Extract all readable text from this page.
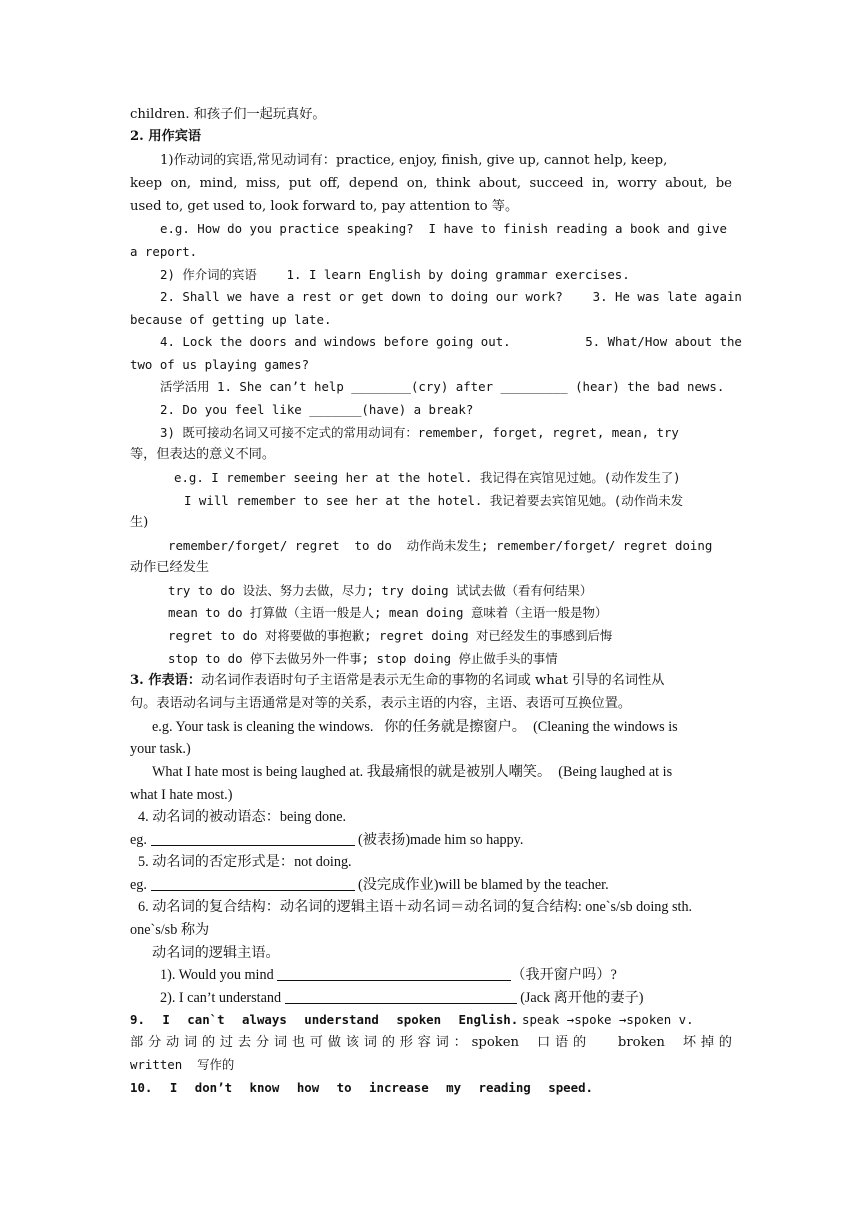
children. 和孩子们一起玩真好。
2. 用作宾语
1)作动词的宾语,常见动词有：practice, enjoy, finish, give up, cannot help, keep,
keep on, mind, miss, put off, depend on, think about, succeed in, worry about, be
used to, get used to, look forward to, pay attention to 等。
e.g. How do you practice speaking?  I have to finish reading a book and give
a report.
2) 作介词的宾语    1. I learn English by doing grammar exercises.
2. Shall we have a rest or get down to doing our work?    3. He was late again
because of getting up late.
4. Lock the doors and windows before going out.          5. What/How about the
two of us playing games?
活学活用 1. She can’t help ________(cry) after _________ (hear) the bad news.
2. Do you feel like _______(have) a break?
3) 既可接动名词又可接不定式的常用动词有：remember, forget, regret, mean, try
等，但表达的意义不同。
e.g. I remember seeing her at the hotel. 我记得在宾馆见过她。(动作发生了)
I will remember to see her at the hotel. 我记着要去宾馆见她。(动作尚未发
生)
remember/forget/ regret  to do  动作尚未发生; remember/forget/ regret doing
动作已经发生
try to do 设法、努力去做，尽力; try doing 试试去做（看有何结果）
mean to do 打算做（主语一般是人; mean doing 意味着（主语一般是物）
regret to do 对将要做的事抱歉; regret doing 对已经发生的事感到后悔
stop to do 停下去做另外一件事; stop doing 停止做手头的事情
3. 作表语：动名词作表语时句子主语常是表示无生命的事物的名词或 what 引导的名词性从
句。表语动名词与主语通常是对等的关系，表示主语的内容，主语、表语可互换位置。
e.g. Your task is cleaning the windows.   你的任务就是擦窗户。  (Cleaning the windows is
your task.)
What I hate most is being laughed at. 我最痛恨的就是被别人嘲笑。  (Being laughed at is
what I hate most.)
4. 动名词的被动语态：being done.
eg.	(被表扬)made him so happy.
5. 动名词的否定形式是：not doing.
eg.	(没完成作业)will be blamed by the teacher.
6. 动名词的复合结构：动名词的逻辑主语＋动名词＝动名词的复合结构: one`s/sb doing sth.
one`s/sb 称为
动名词的逻辑主语。
1). Would you mind	（我开窗户吗）?
2). I can’t understand	(Jack 离开他的妻子)
9. I can`t always understand spoken English. speak →spoke →spoken v.
部分动词的过去分词也可做该词的形容词：spoken  口语的   broken  坏掉的
written  写作的
10. I don’t know how to increase my reading speed.
